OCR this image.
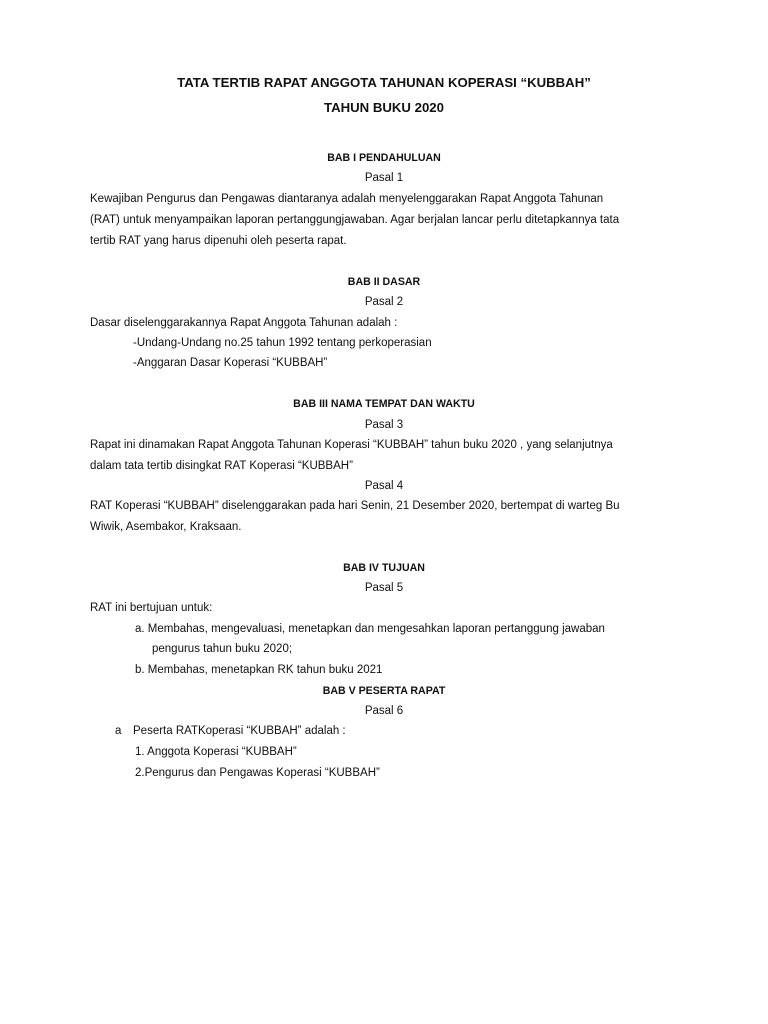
TATA TERTIB RAPAT ANGGOTA TAHUNAN KOPERASI “KUBBAH”
TAHUN BUKU 2020
BAB I PENDAHULUAN
Pasal 1
Kewajiban Pengurus dan Pengawas diantaranya adalah menyelenggarakan Rapat Anggota Tahunan
(RAT) untuk menyampaikan laporan pertanggungjawaban. Agar berjalan lancar perlu ditetapkannya tata
tertib RAT yang harus dipenuhi oleh peserta rapat.
BAB II DASAR
Pasal 2
Dasar diselenggarakannya Rapat Anggota Tahunan adalah :
-Undang-Undang no.25 tahun 1992 tentang perkoperasian
-Anggaran Dasar Koperasi “KUBBAH”
BAB III NAMA TEMPAT DAN WAKTU
Pasal 3
Rapat ini dinamakan Rapat Anggota Tahunan Koperasi “KUBBAH” tahun buku 2020 , yang selanjutnya
dalam tata tertib disingkat RAT Koperasi “KUBBAH”
Pasal 4
RAT Koperasi “KUBBAH” diselenggarakan pada hari Senin, 21 Desember 2020, bertempat di warteg Bu
Wiwik, Asembakor, Kraksaan.
BAB IV TUJUAN
Pasal 5
RAT ini bertujuan untuk:
a. Membahas, mengevaluasi, menetapkan dan mengesahkan laporan pertanggung jawaban
pengurus tahun buku 2020;
b. Membahas, menetapkan RK tahun buku 2021
BAB V PESERTA RAPAT
Pasal 6
a Peserta RATKoperasi “KUBBAH” adalah :
1. Anggota Koperasi “KUBBAH”
2.Pengurus dan Pengawas Koperasi “KUBBAH”
